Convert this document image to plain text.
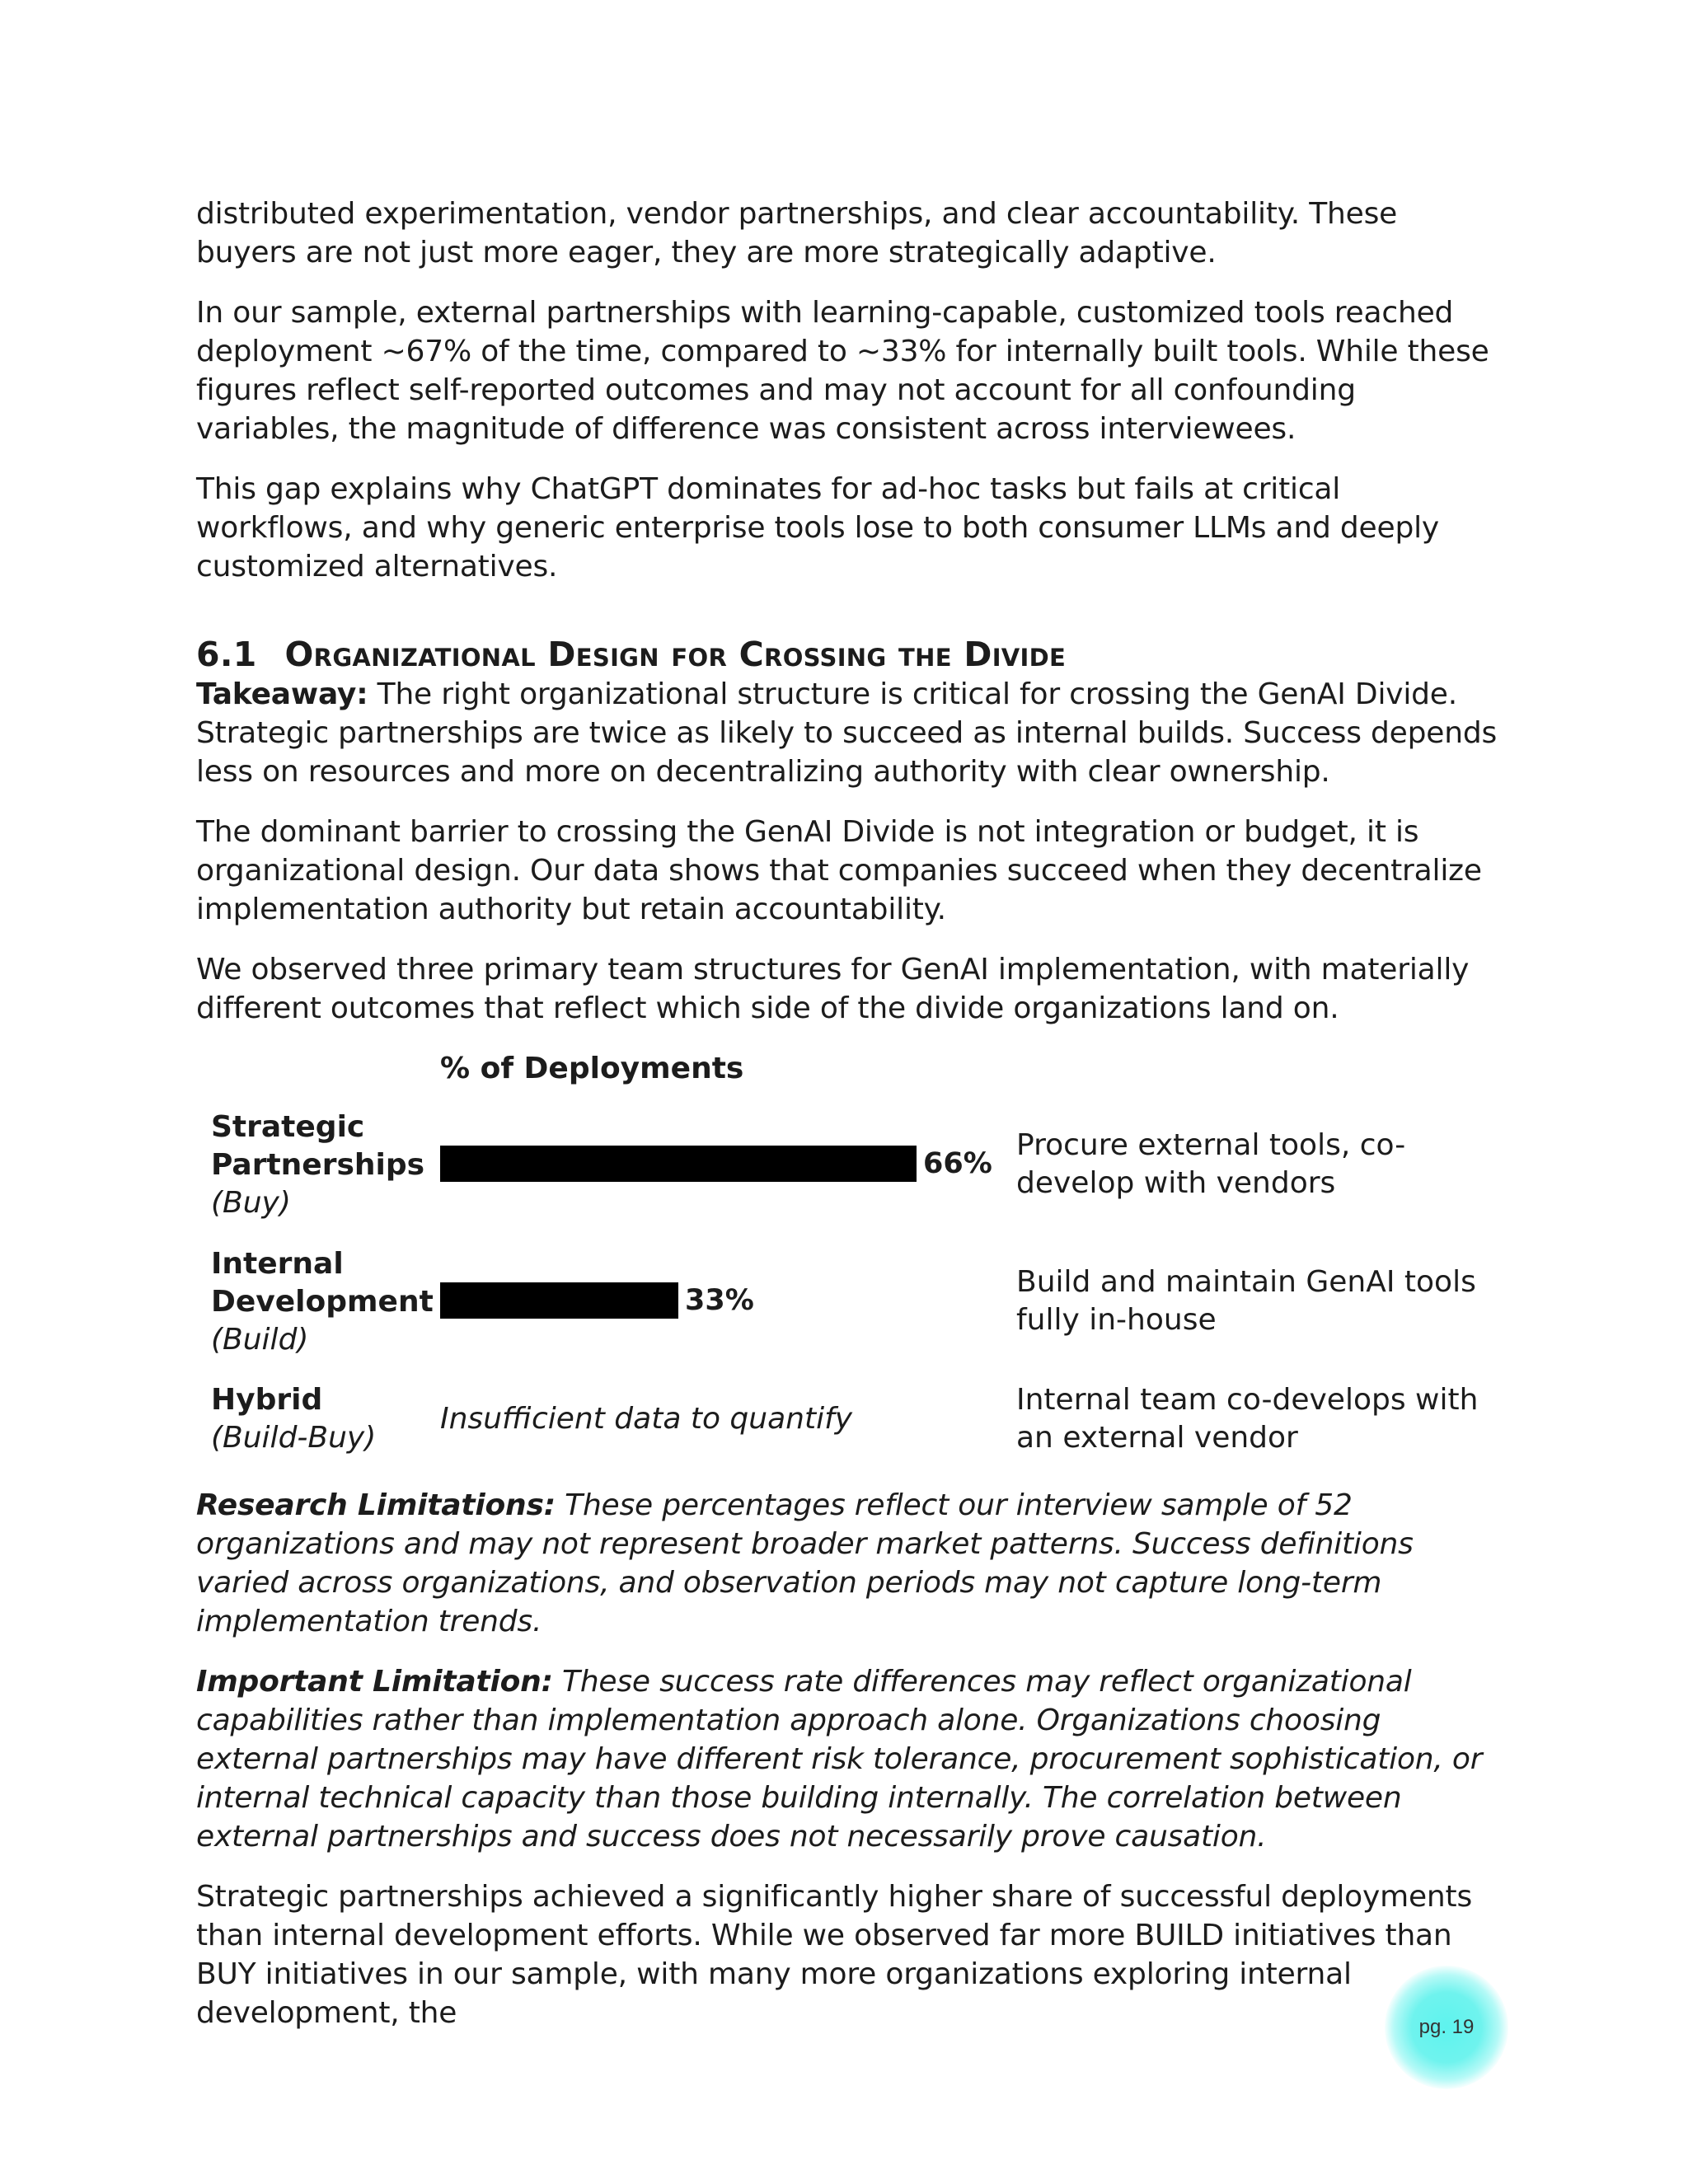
distributed experimentation, vendor partnerships, and clear accountability. These buyers are not just more eager, they are more strategically adaptive.

In our sample, external partnerships with learning-capable, customized tools reached deployment ~67% of the time, compared to ~33% for internally built tools. While these figures reflect self-reported outcomes and may not account for all confounding variables, the magnitude of difference was consistent across interviewees.

This gap explains why ChatGPT dominates for ad-hoc tasks but fails at critical workflows, and why generic enterprise tools lose to both consumer LLMs and deeply customized alternatives.

6.1 Organizational Design for Crossing the Divide

Takeaway: The right organizational structure is critical for crossing the GenAI Divide. Strategic partnerships are twice as likely to succeed as internal builds. Success depends less on resources and more on decentralizing authority with clear ownership.

The dominant barrier to crossing the GenAI Divide is not integration or budget, it is organizational design. Our data shows that companies succeed when they decentralize implementation authority but retain accountability.

We observed three primary team structures for GenAI implementation, with materially different outcomes that reflect which side of the divide organizations land on.

% of Deployments
Strategic Partnerships
(Buy)
66%
Procure external tools, co-develop with vendors
Internal Development
(Build)
33%
Build and maintain GenAI tools fully in-house
Hybrid (Build-Buy)
Insufficient data to quantify
Internal team co-develops with an external vendor

Research Limitations: These percentages reflect our interview sample of 52 organizations and may not represent broader market patterns. Success definitions varied across organizations, and observation periods may not capture long-term implementation trends.

Important Limitation: These success rate differences may reflect organizational capabilities rather than implementation approach alone. Organizations choosing external partnerships may have different risk tolerance, procurement sophistication, or internal technical capacity than those building internally. The correlation between external partnerships and success does not necessarily prove causation.

Strategic partnerships achieved a significantly higher share of successful deployments than internal development efforts. While we observed far more BUILD initiatives than BUY initiatives in our sample, with many more organizations exploring internal development, the	pg. 19
